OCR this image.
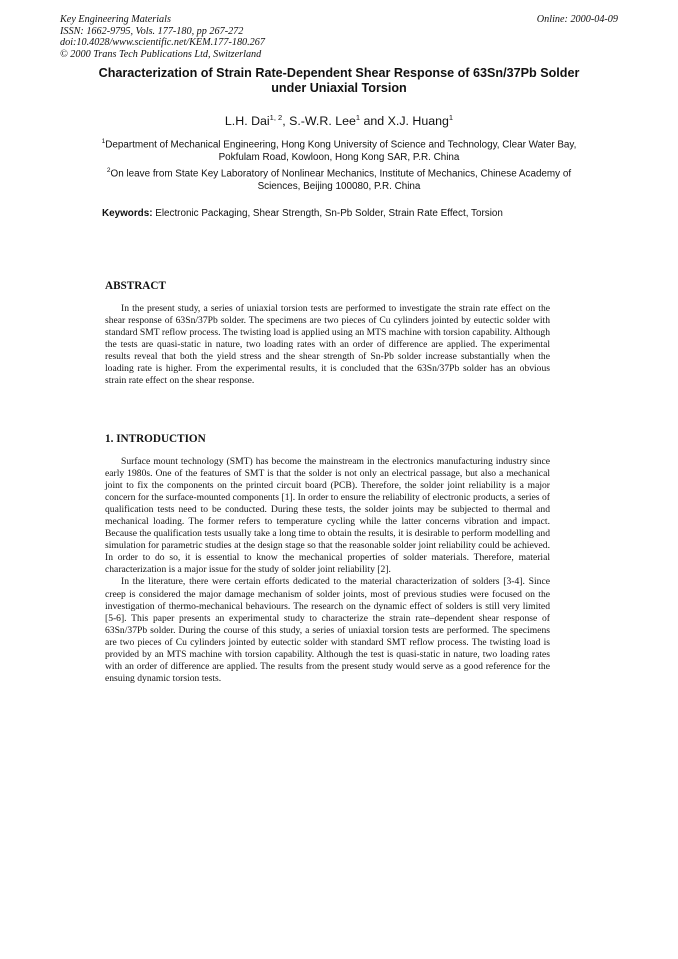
Key Engineering Materials
ISSN: 1662-9795, Vols. 177-180, pp 267-272
doi:10.4028/www.scientific.net/KEM.177-180.267
© 2000 Trans Tech Publications Ltd, Switzerland
Online: 2000-04-09
Characterization of Strain Rate-Dependent Shear Response of 63Sn/37Pb Solder under Uniaxial Torsion
L.H. Dai$^{1, 2}$, S.-W.R. Lee$^1$ and X.J. Huang$^1$
$^1$Department of Mechanical Engineering, Hong Kong University of Science and Technology, Clear Water Bay, Pokfulam Road, Kowloon, Hong Kong SAR, P.R. China
$^2$On leave from State Key Laboratory of Nonlinear Mechanics, Institute of Mechanics, Chinese Academy of Sciences, Beijing 100080, P.R. China
Keywords: Electronic Packaging, Shear Strength, Sn-Pb Solder, Strain Rate Effect, Torsion
ABSTRACT

In the present study, a series of uniaxial torsion tests are performed to investigate the strain rate effect on the shear response of 63Sn/37Pb solder. The specimens are two pieces of Cu cylinders jointed by eutectic solder with standard SMT reflow process. The twisting load is applied using an MTS machine with torsion capability. Although the tests are quasi-static in nature, two loading rates with an order of difference are applied. The experimental results reveal that both the yield stress and the shear strength of Sn-Pb solder increase substantially when the loading rate is higher. From the experimental results, it is concluded that the 63Sn/37Pb solder has an obvious strain rate effect on the shear response.

1. INTRODUCTION

Surface mount technology (SMT) has become the mainstream in the electronics manufacturing industry since early 1980s. One of the features of SMT is that the solder is not only an electrical passage, but also a mechanical joint to fix the components on the printed circuit board (PCB). Therefore, the solder joint reliability is a major concern for the surface-mounted components [1]. In order to ensure the reliability of electronic products, a series of qualification tests need to be conducted. During these tests, the solder joints may be subjected to thermal and mechanical loading. The former refers to temperature cycling while the latter concerns vibration and impact. Because the qualification tests usually take a long time to obtain the results, it is desirable to perform modelling and simulation for parametric studies at the design stage so that the reasonable solder joint reliability could be achieved. In order to do so, it is essential to know the mechanical properties of solder materials. Therefore, material characterization is a major issue for the study of solder joint reliability [2].

In the literature, there were certain efforts dedicated to the material characterization of solders [3-4]. Since creep is considered the major damage mechanism of solder joints, most of previous studies were focused on the investigation of thermo-mechanical behaviours. The research on the dynamic effect of solders is still very limited [5-6]. This paper presents an experimental study to characterize the strain rate–dependent shear response of 63Sn/37Pb solder. During the course of this study, a series of uniaxial torsion tests are performed. The specimens are two pieces of Cu cylinders jointed by eutectic solder with standard SMT reflow process. The twisting load is provided by an MTS machine with torsion capability. Although the test is quasi-static in nature, two loading rates with an order of difference are applied. The results from the present study would serve as a good reference for the ensuing dynamic torsion tests.
